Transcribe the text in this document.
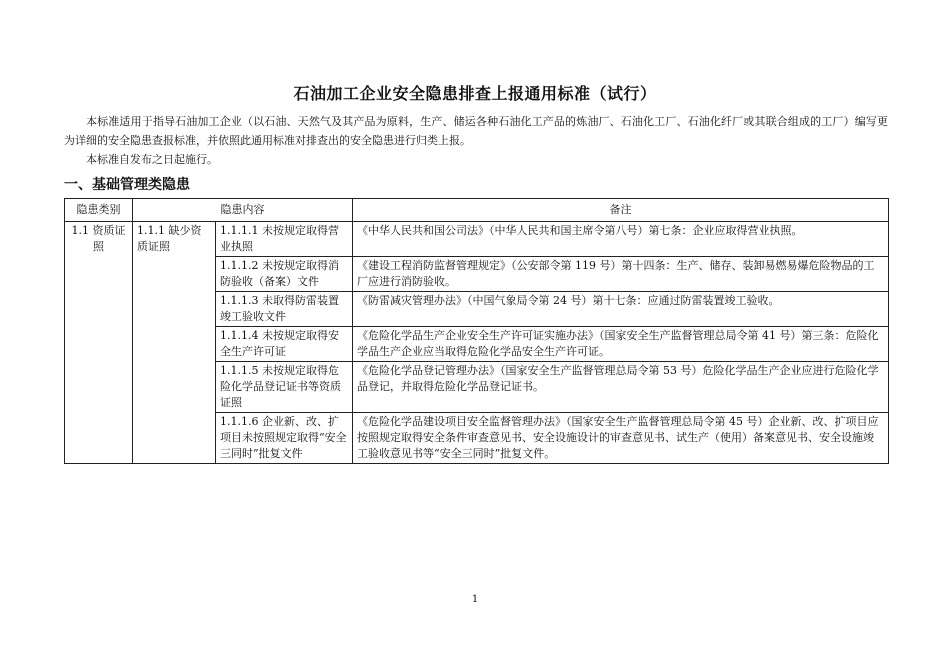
石油加工企业安全隐患排查上报通用标准（试行）

本标准适用于指导石油加工企业（以石油、天然气及其产品为原料，生产、储运各种石油化工产品的炼油厂、石油化工厂、石油化纤厂或其联合组成的工厂）编写更为详细的安全隐患查报标准，并依照此通用标准对排查出的安全隐患进行归类上报。

本标准自发布之日起施行。

一、基础管理类隐患
隐患类别	隐患内容		备注
1.1 资质证照	1.1.1 缺少资质证照	1.1.1.1 未按规定取得营业执照	《中华人民共和国公司法》（中华人民共和国主席令第八号）第七条：企业应取得营业执照。
		1.1.1.2 未按规定取得消防验收（备案）文件	《建设工程消防监督管理规定》（公安部令第 119 号）第十四条：生产、储存、装卸易燃易爆危险物品的工厂应进行消防验收。
		1.1.1.3 未取得防雷装置竣工验收文件	《防雷减灾管理办法》（中国气象局令第 24 号）第十七条：应通过防雷装置竣工验收。
		1.1.1.4 未按规定取得安全生产许可证	《危险化学品生产企业安全生产许可证实施办法》（国家安全生产监督管理总局令第 41 号）第三条：危险化学品生产企业应当取得危险化学品安全生产许可证。
		1.1.1.5 未按规定取得危险化学品登记证书等资质证照	《危险化学品登记管理办法》（国家安全生产监督管理总局令第 53 号）危险化学品生产企业应进行危险化学品登记，并取得危险化学品登记证书。
		1.1.1.6 企业新、改、扩项目未按照规定取得“安全三同时”批复文件	《危险化学品建设项目安全监督管理办法》（国家安全生产监督管理总局令第 45 号）企业新、改、扩项目应按照规定取得安全条件审查意见书、安全设施设计的审查意见书、试生产（使用）备案意见书、安全设施竣工验收意见书等“安全三同时”批复文件。
1
